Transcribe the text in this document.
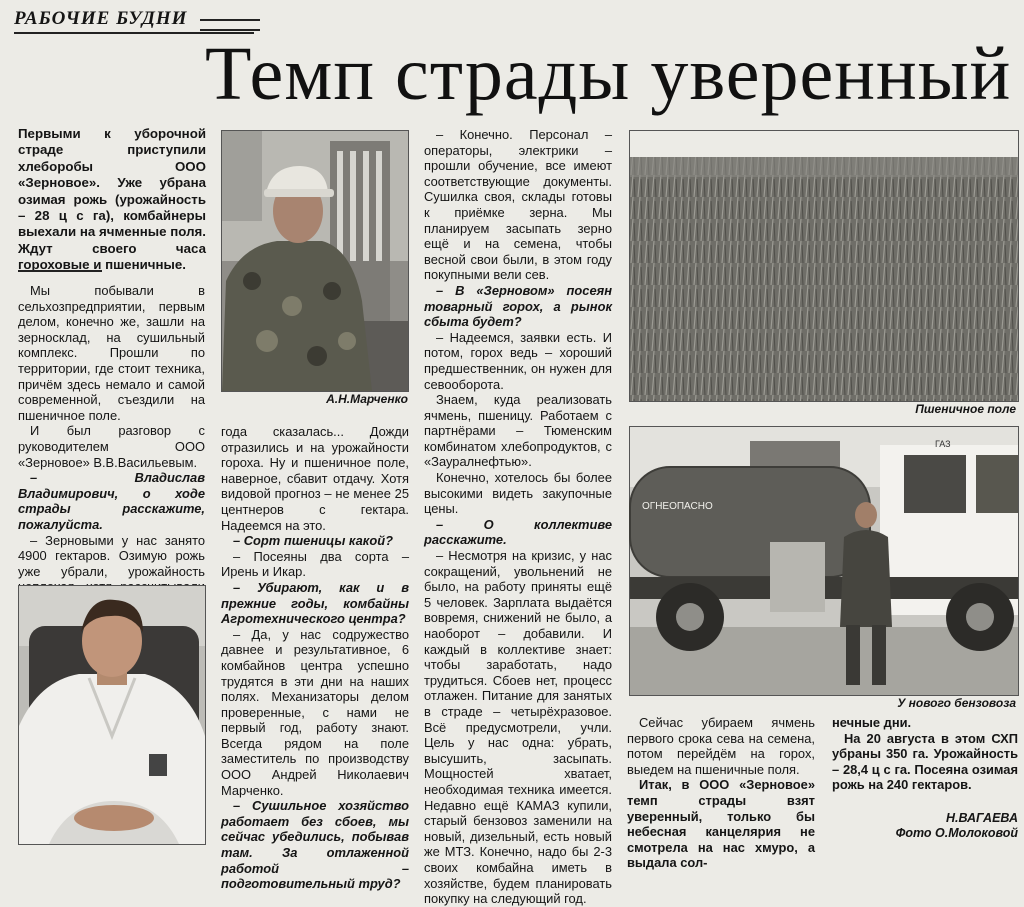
РАБОЧИЕ БУДНИ
Темп страды уверенный
Первыми к уборочной страде приступили хлеборобы ООО «Зерновое». Уже убрана озимая рожь (урожайность – 28 ц с га), комбайнеры выехали на ячменные поля. Ждут своего часа гороховые и пшеничные.

Мы побывали в сельхозпредприятии, первым делом, конечно же, зашли на зерносклад, на сушильный комплекс. Прошли по территории, где стоит техника, причём здесь немало и самой современной, съездили на пшеничное поле.

И был разговор с руководителем ООО «Зерновое» В.В.Васильевым.

– Владислав Владимирович, о ходе страды расскажите, пожалуйста.

– Зерновыми у нас занято 4900 гектаров. Озимую рожь уже убрали, урожайность

А.Н.Марченко

года сказалась... Дожди отразились и на урожайности гороха. Ну и пшеничное поле, наверное, сбавит отдачу. Хотя видовой прогноз – не менее 25 центнеров с гектара. Надеемся на это.

– Сорт пшеницы какой?

– Посеяны два сорта – Ирень и Икар.

– Убирают, как и в прежние годы, комбайны Агротехнического центра?

– Да, у нас содружество давнее и результативное, 6 комбайнов центра успешно трудятся в эти дни на наших полях. Механизаторы делом проверенные, с нами не первый год, работу знают. Всегда рядом на поле заместитель по производству ООО Андрей Николаевич Марченко.

– Сушильное хозяйство работает без сбоев, мы сейчас убедились, побывав там. За отлаженной работой – подготовительный труд?

– Конечно. Персонал – операторы, электрики – прошли обучение, все имеют соответствующие документы. Сушилка своя, склады готовы к приёмке зерна. Мы планируем засыпать зерно ещё и на семена, чтобы весной свои были, в этом году покупными вели сев.

– В «Зерновом» посеян товарный горох, а рынок сбыта будет?

– Надеемся, заявки есть. И потом, горох ведь – хороший предшественник, он нужен для севооборота.

Знаем, куда реализовать ячмень, пшеницу. Работаем с партнёрами – Тюменским комбинатом хлебопродуктов, с «Зауралнефтью».

Конечно, хотелось бы более высокими видеть закупочные цены.

– О коллективе расскажите.

– Несмотря на кризис, у нас сокращений, увольнений не было, на работу приняты ещё 5 человек. Зарплата выдаётся вовремя, снижений не было, а наоборот – добавили. И каждый в коллективе знает: чтобы заработать, надо трудиться. Сбоев нет, процесс отлажен. Питание для занятых в страде – четырёхразовое. Всё предусмотрели, учли. Цель у нас одна: убрать, высушить, засыпать. Мощностей хватает, необходимая техника имеется. Недавно ещё КАМАЗ купили, старый бензовоз заменили на новый, дизельный, есть новый же МТЗ. Конечно, надо бы 2-3 своих комбайна иметь в хозяйстве, будем планировать покупку на следующий год.

Пшеничное поле
ОГНЕОПАСНО
ГАЗ
У нового бензовоза

Сейчас убираем ячмень первого срока сева на семена, потом перейдём на горох, выедем на пшеничные поля.

Итак, в ООО «Зерновое» темп страды взят уверенный, только бы небесная канцелярия не смотрела на нас хмуро, а выдала сол-

нечные дни.

На 20 августа в этом СХП убраны 350 га. Урожайность – 28,4 ц с га. Посеяна озимая рожь на 240 гектаров.

Н.ВАГАЕВА
Фото О.Молоковой
